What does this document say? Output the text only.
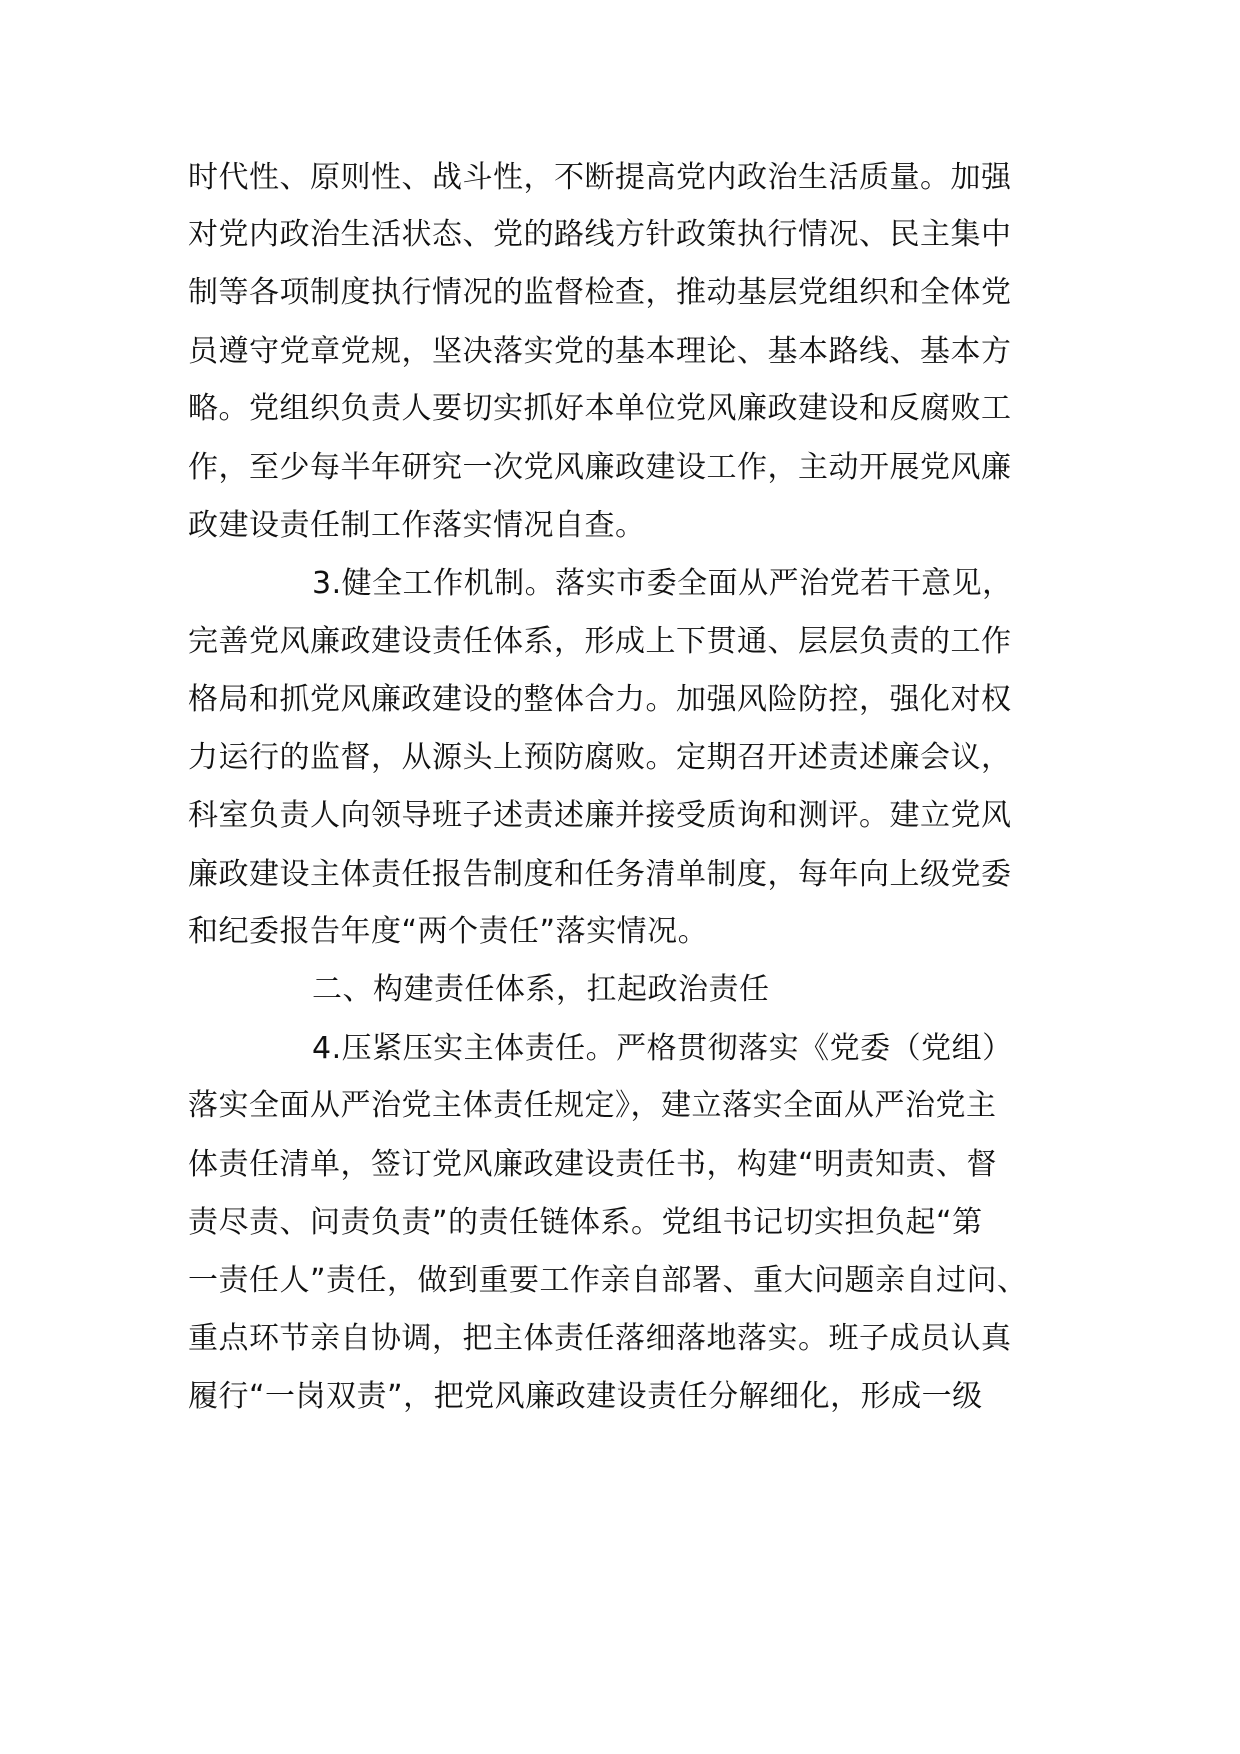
时代性、原则性、战斗性，不断提高党内政治生活质量。加强
对党内政治生活状态、党的路线方针政策执行情况、民主集中
制等各项制度执行情况的监督检查，推动基层党组织和全体党
员遵守党章党规，坚决落实党的基本理论、基本路线、基本方
略。党组织负责人要切实抓好本单位党风廉政建设和反腐败工
作，至少每半年研究一次党风廉政建设工作，主动开展党风廉
政建设责任制工作落实情况自查。
3.健全工作机制。落实市委全面从严治党若干意见，
完善党风廉政建设责任体系，形成上下贯通、层层负责的工作
格局和抓党风廉政建设的整体合力。加强风险防控，强化对权
力运行的监督，从源头上预防腐败。定期召开述责述廉会议，
科室负责人向领导班子述责述廉并接受质询和测评。建立党风
廉政建设主体责任报告制度和任务清单制度，每年向上级党委
和纪委报告年度“两个责任”落实情况。
二、构建责任体系，扛起政治责任
4.压紧压实主体责任。严格贯彻落实《党委（党组）
落实全面从严治党主体责任规定》，建立落实全面从严治党主
体责任清单，签订党风廉政建设责任书，构建“明责知责、督
责尽责、问责负责”的责任链体系。党组书记切实担负起“第
一责任人”责任，做到重要工作亲自部署、重大问题亲自过问、
重点环节亲自协调，把主体责任落细落地落实。班子成员认真
履行“一岗双责”，把党风廉政建设责任分解细化，形成一级
